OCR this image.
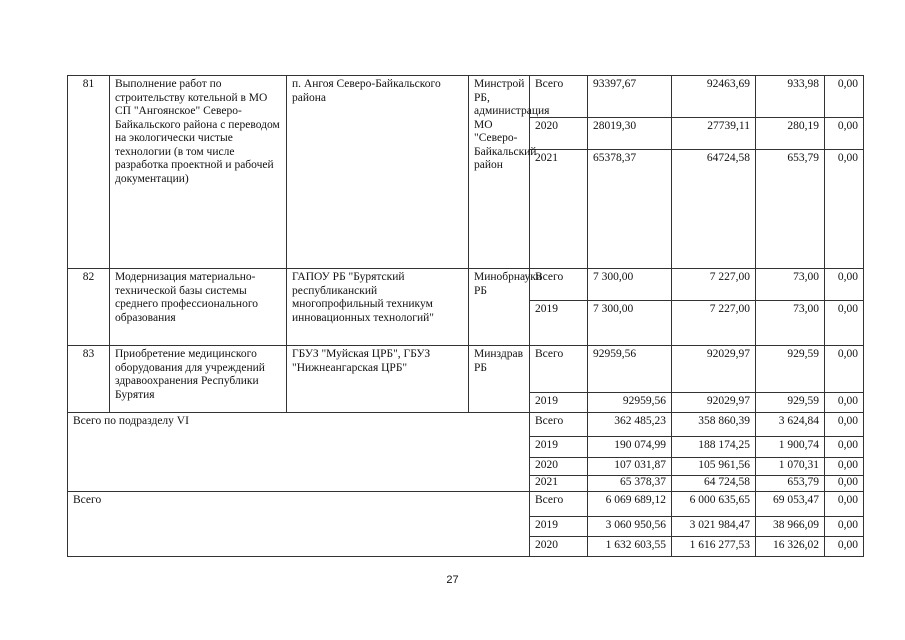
81	Выполнение работ по строительству котельной в МО СП "Ангоянское" Северо-Байкальского района с переводом на экологически чистые технологии (в том числе разработка проектной и рабочей документации)	п. Ангоя Северо-Байкальского района	Минстрой РБ, администрация МО "Северо-Байкальский район	Всего	93397,67	92463,69	933,98	0,00
				2020	28019,30	27739,11	280,19	0,00
				2021	65378,37	64724,58	653,79	0,00
82	Модернизация материально-технической базы системы среднего профессионального образования	ГАПОУ РБ "Бурятский республиканский многопрофильный техникум инновационных технологий"	Минобрнауки РБ	Всего	7 300,00	7 227,00	73,00	0,00
				2019	7 300,00	7 227,00	73,00	0,00
83	Приобретение медицинского оборудования для учреждений здравоохранения Республики Бурятия	ГБУЗ "Муйская ЦРБ", ГБУЗ "Нижнеангарская ЦРБ"	Минздрав РБ	Всего	92959,56	92029,97	929,59	0,00
				2019	92959,56	92029,97	929,59	0,00
Всего по подразделу VI				Всего	362 485,23	358 860,39	3 624,84	0,00
				2019	190 074,99	188 174,25	1 900,74	0,00
				2020	107 031,87	105 961,56	1 070,31	0,00
				2021	65 378,37	64 724,58	653,79	0,00
Всего				Всего	6 069 689,12	6 000 635,65	69 053,47	0,00
				2019	3 060 950,56	3 021 984,47	38 966,09	0,00
				2020	1 632 603,55	1 616 277,53	16 326,02	0,00
27
